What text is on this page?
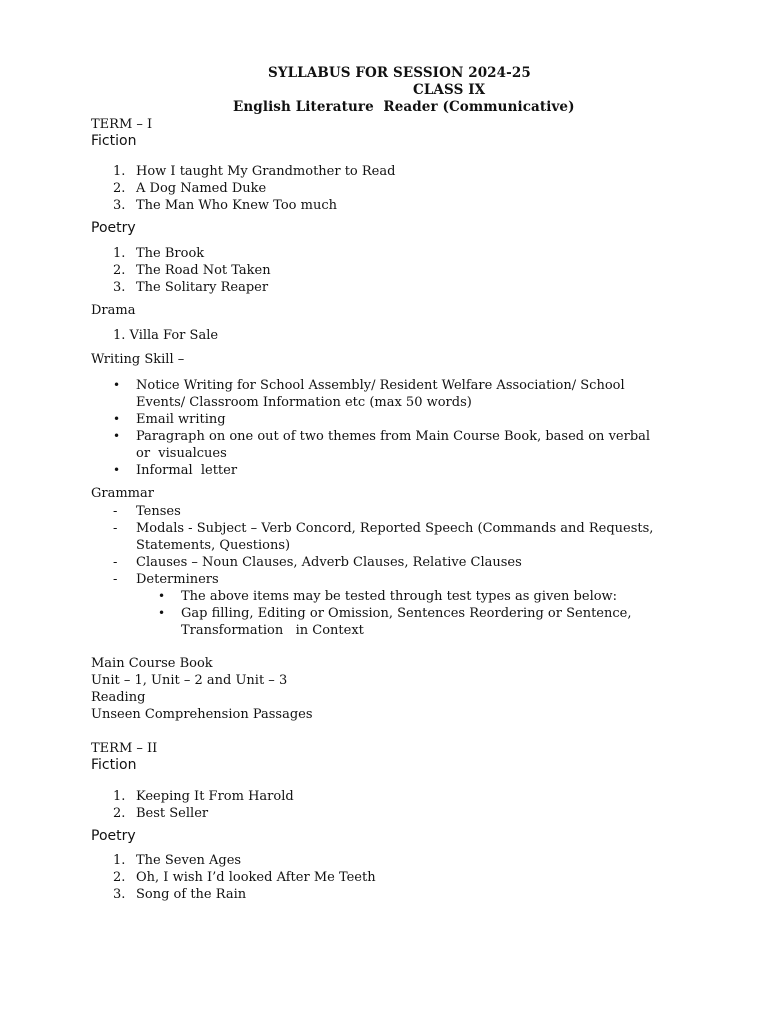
SYLLABUS FOR SESSION 2024-25
CLASS IX
English Literature  Reader (Communicative)
TERM – I
Fiction
1. How I taught My Grandmother to Read
2. A Dog Named Duke
3. The Man Who Knew Too much
Poetry
1. The Brook
2. The Road Not Taken
3. The Solitary Reaper
Drama
1. Villa For Sale
Writing Skill –
• Notice Writing for School Assembly/ Resident Welfare Association/ School
Events/ Classroom Information etc (max 50 words)
• Email writing
• Paragraph on one out of two themes from Main Course Book, based on verbal
or  visualcues
• Informal  letter
Grammar
- Tenses
- Modals - Subject – Verb Concord, Reported Speech (Commands and Requests,
Statements, Questions)
- Clauses – Noun Clauses, Adverb Clauses, Relative Clauses
- Determiners
• The above items may be tested through test types as given below:
• Gap filling, Editing or Omission, Sentences Reordering or Sentence,
Transformation   in Context
Main Course Book
Unit – 1, Unit – 2 and Unit – 3
Reading
Unseen Comprehension Passages
TERM – II
Fiction
1. Keeping It From Harold
2. Best Seller
Poetry
1. The Seven Ages
2. Oh, I wish I’d looked After Me Teeth
3. Song of the Rain
